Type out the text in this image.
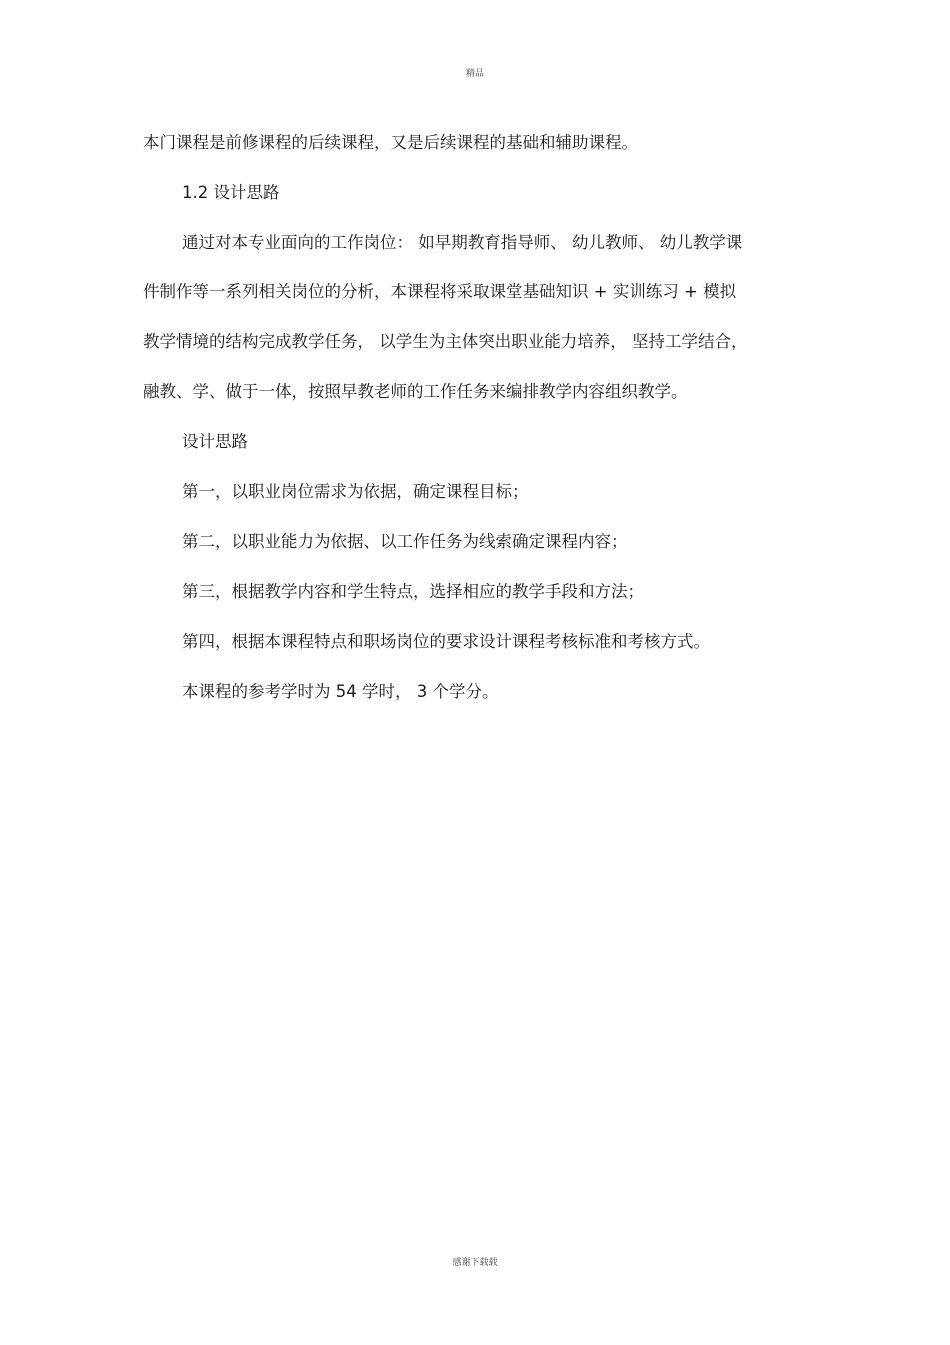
精品
本门课程是前修课程的后续课程，又是后续课程的基础和辅助课程。
1.2 设计思路
通过对本专业面向的工作岗位： 如早期教育指导师、 幼儿教师、 幼儿教学课
件制作等一系列相关岗位的分析，本课程将采取课堂基础知识 + 实训练习 + 模拟
教学情境的结构完成教学任务， 以学生为主体突出职业能力培养， 坚持工学结合，
融教、学、做于一体，按照早教老师的工作任务来编排教学内容组织教学。
设计思路
第一，以职业岗位需求为依据，确定课程目标；
第二，以职业能力为依据、以工作任务为线索确定课程内容；
第三，根据教学内容和学生特点，选择相应的教学手段和方法；
第四，根据本课程特点和职场岗位的要求设计课程考核标准和考核方式。
本课程的参考学时为 54 学时， 3 个学分。
感谢下载载
